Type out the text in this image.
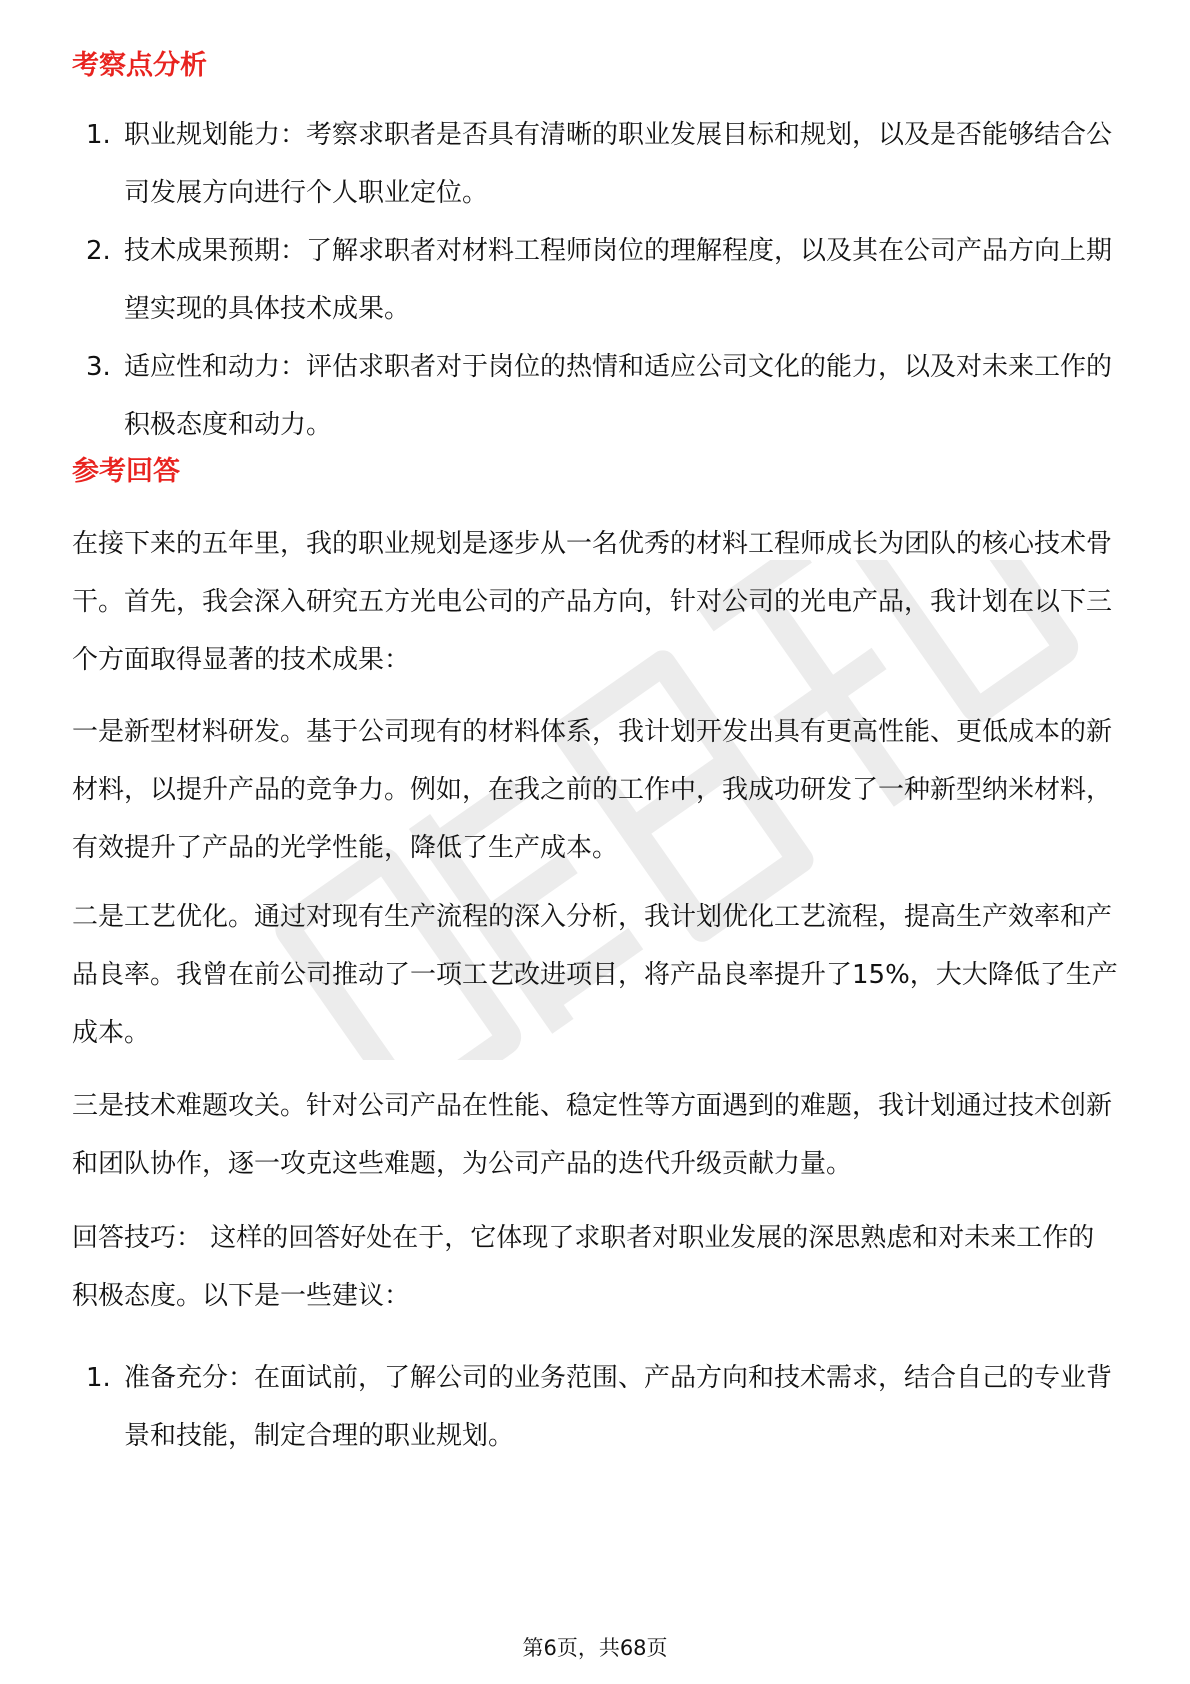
考察点分析
1. 职业规划能力：考察求职者是否具有清晰的职业发展目标和规划，以及是否能够结合公司发展方向进行个人职业定位。
2. 技术成果预期：了解求职者对材料工程师岗位的理解程度，以及其在公司产品方向上期望实现的具体技术成果。
3. 适应性和动力：评估求职者对于岗位的热情和适应公司文化的能力，以及对未来工作的积极态度和动力。
参考回答

在接下来的五年里，我的职业规划是逐步从一名优秀的材料工程师成长为团队的核心技术骨干。首先，我会深入研究五方光电公司的产品方向，针对公司的光电产品，我计划在以下三个方面取得显著的技术成果：

一是新型材料研发。基于公司现有的材料体系，我计划开发出具有更高性能、更低成本的新材料，以提升产品的竞争力。例如，在我之前的工作中，我成功研发了一种新型纳米材料，有效提升了产品的光学性能，降低了生产成本。

二是工艺优化。通过对现有生产流程的深入分析，我计划优化工艺流程，提高生产效率和产品良率。我曾在前公司推动了一项工艺改进项目，将产品良率提升了15%，大大降低了生产成本。

三是技术难题攻关。针对公司产品在性能、稳定性等方面遇到的难题，我计划通过技术创新和团队协作，逐一攻克这些难题，为公司产品的迭代升级贡献力量。

回答技巧： 这样的回答好处在于，它体现了求职者对职业发展的深思熟虑和对未来工作的积极态度。以下是一些建议：

1. 准备充分：在面试前，了解公司的业务范围、产品方向和技术需求，结合自己的专业背景和技能，制定合理的职业规划。
第6页，共68页
